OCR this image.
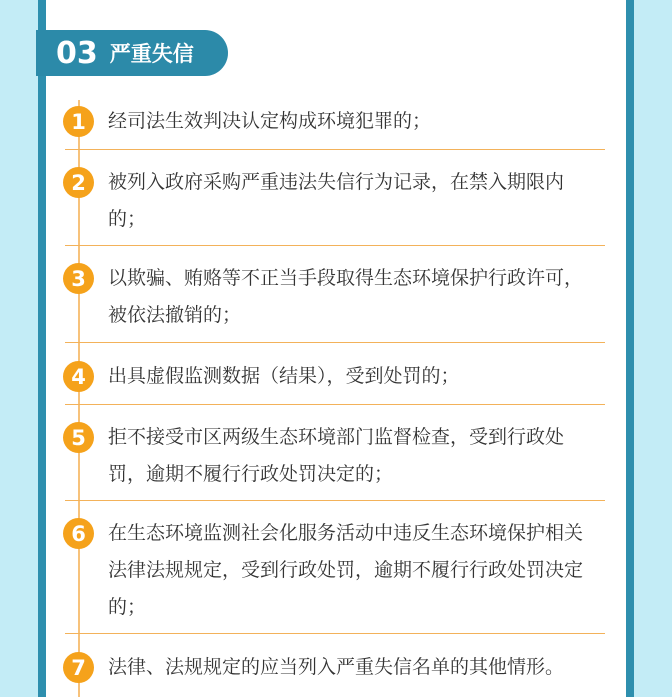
03 严重失信
1	经司法生效判决认定构成环境犯罪的；
2	被列入政府采购严重违法失信行为记录，在禁入期限内的；
3	以欺骗、贿赂等不正当手段取得生态环境保护行政许可，被依法撤销的；
4	出具虚假监测数据（结果），受到处罚的；
5	拒不接受市区两级生态环境部门监督检查，受到行政处罚，逾期不履行行政处罚决定的；
6	在生态环境监测社会化服务活动中违反生态环境保护相关法律法规规定，受到行政处罚，逾期不履行行政处罚决定的；
7	法律、法规规定的应当列入严重失信名单的其他情形。
